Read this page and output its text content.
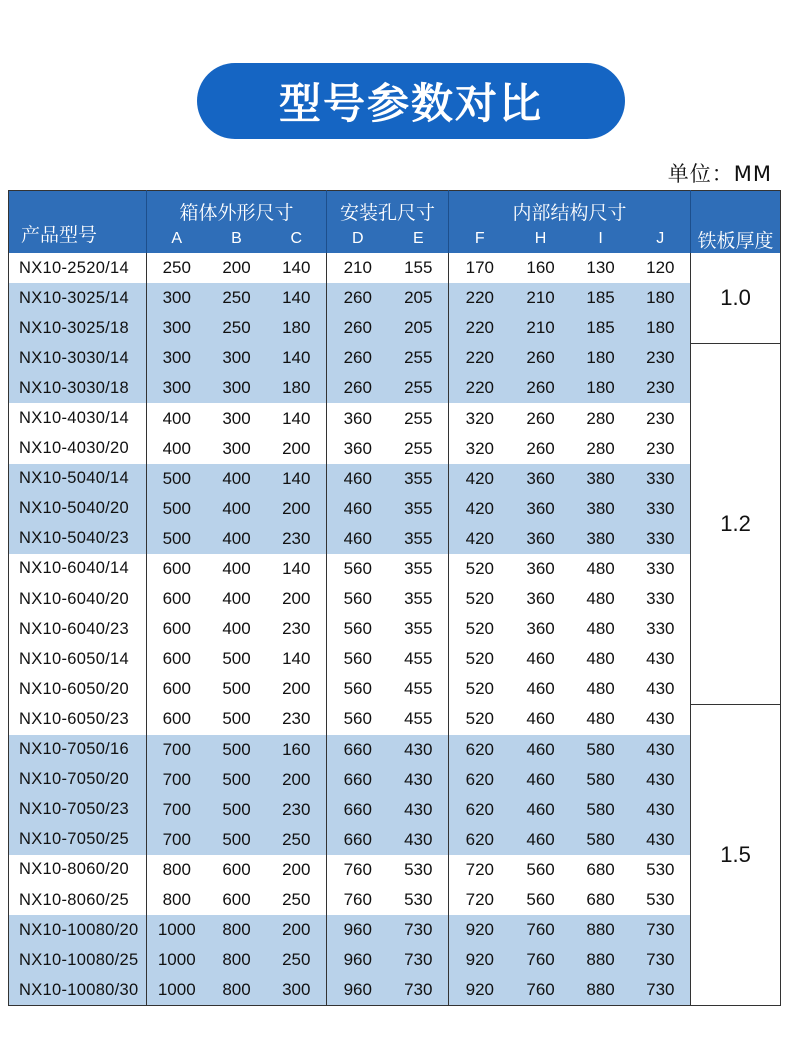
型号参数对比
单位：MM
产品型号	箱体外形尺寸			安装孔尺寸		内部结构尺寸				铁板厚度
	A	B	C	D	E	F	H	I	J	
NX10-2520/14	250	200	140	210	155	170	160	130	120	1.0
NX10-3025/14	300	250	140	260	205	220	210	185	180	
NX10-3025/18	300	250	180	260	205	220	210	185	180	
NX10-3030/14	300	300	140	260	255	220	260	180	230	1.2
NX10-3030/18	300	300	180	260	255	220	260	180	230	
NX10-4030/14	400	300	140	360	255	320	260	280	230	
NX10-4030/20	400	300	200	360	255	320	260	280	230	
NX10-5040/14	500	400	140	460	355	420	360	380	330	
NX10-5040/20	500	400	200	460	355	420	360	380	330	
NX10-5040/23	500	400	230	460	355	420	360	380	330	
NX10-6040/14	600	400	140	560	355	520	360	480	330	
NX10-6040/20	600	400	200	560	355	520	360	480	330	
NX10-6040/23	600	400	230	560	355	520	360	480	330	
NX10-6050/14	600	500	140	560	455	520	460	480	430	
NX10-6050/20	600	500	200	560	455	520	460	480	430	
NX10-6050/23	600	500	230	560	455	520	460	480	430	1.5
NX10-7050/16	700	500	160	660	430	620	460	580	430	
NX10-7050/20	700	500	200	660	430	620	460	580	430	
NX10-7050/23	700	500	230	660	430	620	460	580	430	
NX10-7050/25	700	500	250	660	430	620	460	580	430	
NX10-8060/20	800	600	200	760	530	720	560	680	530	
NX10-8060/25	800	600	250	760	530	720	560	680	530	
NX10-10080/20	1000	800	200	960	730	920	760	880	730	
NX10-10080/25	1000	800	250	960	730	920	760	880	730	
NX10-10080/30	1000	800	300	960	730	920	760	880	730	
